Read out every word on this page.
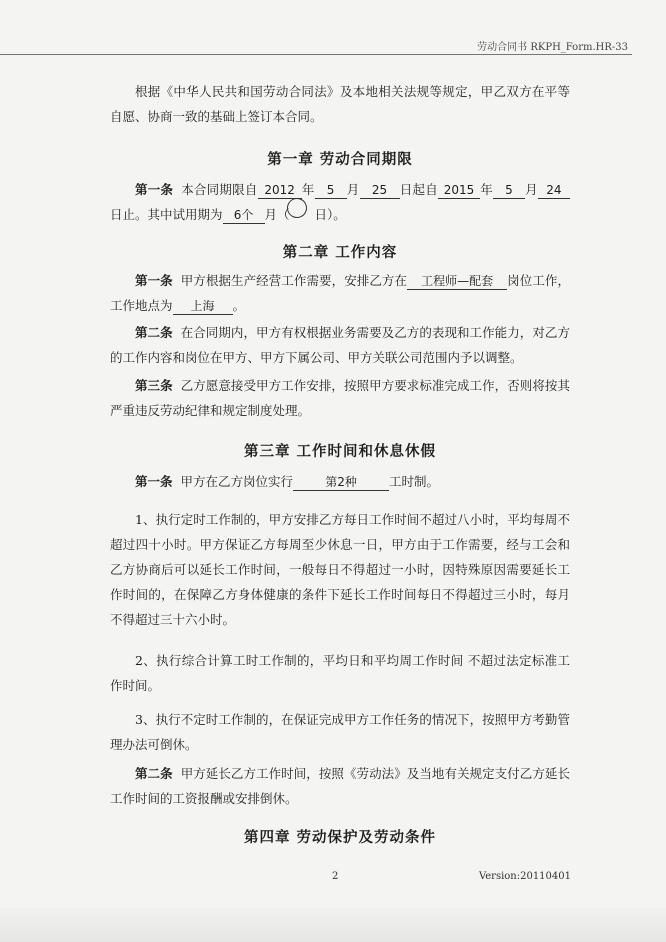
劳动合同书 RKPH_Form.HR-33
根据《中华人民共和国劳动合同法》及本地相关法规等规定，甲乙双方在平等自愿、协商一致的基础上签订本合同。
第一章 劳动合同期限
第一条 本合同期限自 2012 年 5 月 25 日起自 2015 年 5 月 24日止。其中试用期为 6个 月（ 日）。
第二章 工作内容
第一条 甲方根据生产经营工作需要，安排乙方在 工程师—配套 岗位工作，工作地点为 上海 。
第二条 在合同期内，甲方有权根据业务需要及乙方的表现和工作能力，对乙方的工作内容和岗位在甲方、甲方下属公司、甲方关联公司范围内予以调整。
第三条 乙方愿意接受甲方工作安排，按照甲方要求标准完成工作，否则将按其严重违反劳动纪律和规定制度处理。
第三章 工作时间和休息休假
第一条 甲方在乙方岗位实行	第2种	工时制。
1、执行定时工作制的，甲方安排乙方每日工作时间不超过八小时，平均每周不超过四十小时。甲方保证乙方每周至少休息一日，甲方由于工作需要，经与工会和乙方协商后可以延长工作时间，一般每日不得超过一小时，因特殊原因需要延长工作时间的，在保障乙方身体健康的条件下延长工作时间每日不得超过三小时，每月不得超过三十六小时。
2、执行综合计算工时工作制的，平均日和平均周工作时间 不超过法定标准工作时间。
3、执行不定时工作制的，在保证完成甲方工作任务的情况下，按照甲方考勤管理办法可倒休。
第二条 甲方延长乙方工作时间，按照《劳动法》及当地有关规定支付乙方延长工作时间的工资报酬或安排倒休。
第四章 劳动保护及劳动条件
2	Version:20110401
